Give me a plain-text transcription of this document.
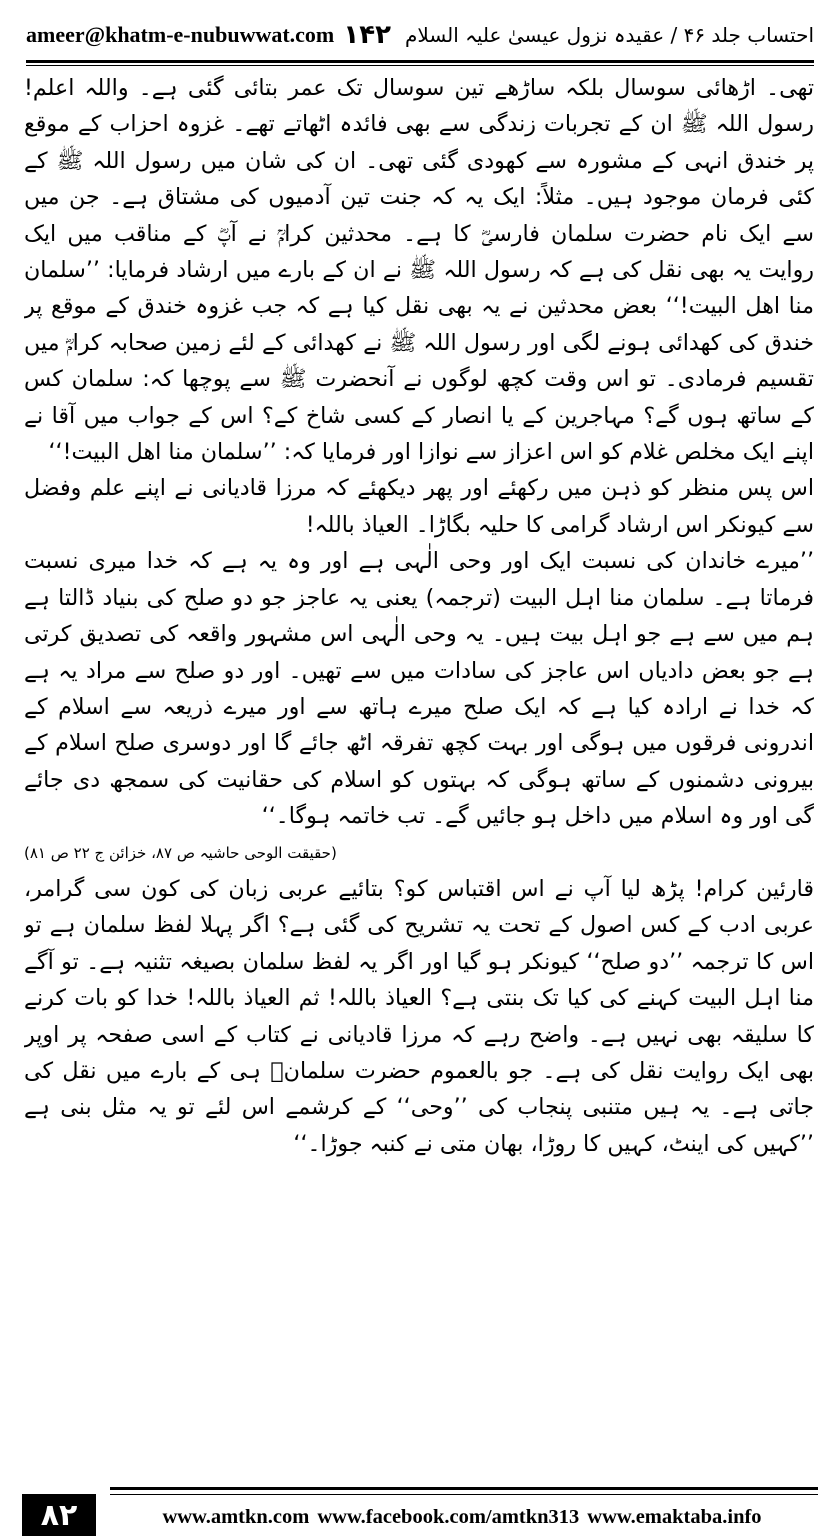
ameer@khatm-e-nubuwwat.com ۱۴۲ احتساب جلد ۴۶ / عقیدہ نزول عیسیٰ علیہ السلام

تھی۔ اڑھائی سوسال بلکہ ساڑھے تین سوسال تک عمر بتائی گئی ہے۔ واللہ اعلم! رسول اللہ ﷺ ان کے تجربات زندگی سے بھی فائدہ اٹھاتے تھے۔ غزوہ احزاب کے موقع پر خندق انہی کے مشورہ سے کھودی گئی تھی۔ ان کی شان میں رسول اللہ ﷺ کے کئی فرمان موجود ہیں۔ مثلاً: ایک یہ کہ جنت تین آدمیوں کی مشتاق ہے۔ جن میں سے ایک نام حضرت سلمان فارسیؓ کا ہے۔ محدثین کرامؒ نے آپؓ کے مناقب میں ایک روایت یہ بھی نقل کی ہے کہ رسول اللہ ﷺ نے ان کے بارے میں ارشاد فرمایا: ’’سلمان منا اهل البيت!‘‘ بعض محدثین نے یہ بھی نقل کیا ہے کہ جب غزوہ خندق کے موقع پر خندق کی کھدائی ہونے لگی اور رسول اللہ ﷺ نے کھدائی کے لئے زمین صحابہ کرامؓ میں تقسیم فرمادی۔ تو اس وقت کچھ لوگوں نے آنحضرت ﷺ سے پوچھا کہ: سلمان کس کے ساتھ ہوں گے؟ مہاجرین کے یا انصار کے کسی شاخ کے؟ اس کے جواب میں آقا نے اپنے ایک مخلص غلام کو اس اعزاز سے نوازا اور فرمایا کہ: ’’سلمان منا اهل البيت!‘‘

اس پس منظر کو ذہن میں رکھئے اور پھر دیکھئے کہ مرزا قادیانی نے اپنے علم وفضل سے کیونکر اس ارشاد گرامی کا حلیہ بگاڑا۔ العیاذ باللہ!

’’میرے خاندان کی نسبت ایک اور وحی الٰہی ہے اور وہ یہ ہے کہ خدا میری نسبت فرماتا ہے۔ سلمان منا اہل البیت (ترجمہ) یعنی یہ عاجز جو دو صلح کی بنیاد ڈالتا ہے ہم میں سے ہے جو اہل بیت ہیں۔ یہ وحی الٰہی اس مشہور واقعہ کی تصدیق کرتی ہے جو بعض دادیاں اس عاجز کی سادات میں سے تھیں۔ اور دو صلح سے مراد یہ ہے کہ خدا نے ارادہ کیا ہے کہ ایک صلح میرے ہاتھ سے اور میرے ذریعہ سے اسلام کے اندرونی فرقوں میں ہوگی اور بہت کچھ تفرقہ اٹھ جائے گا اور دوسری صلح اسلام کے بیرونی دشمنوں کے ساتھ ہوگی کہ بہتوں کو اسلام کی حقانیت کی سمجھ دی جائے گی اور وہ اسلام میں داخل ہو جائیں گے۔ تب خاتمہ ہوگا۔‘‘

(حقیقت الوحی حاشیہ ص ۸۷، خزائن ج ۲۲ ص ۸۱)

قارئین کرام! پڑھ لیا آپ نے اس اقتباس کو؟ بتائیے عربی زبان کی کون سی گرامر، عربی ادب کے کس اصول کے تحت یہ تشریح کی گئی ہے؟ اگر پہلا لفظ سلمان ہے تو اس کا ترجمہ ’’دو صلح‘‘ کیونکر ہو گیا اور اگر یہ لفظ سلمان بصیغہ تثنیہ ہے۔ تو آگے منا اہل البیت کہنے کی کیا تک بنتی ہے؟ العیاذ باللہ! ثم العیاذ باللہ! خدا کو بات کرنے کا سلیقہ بھی نہیں ہے۔ واضح رہے کہ مرزا قادیانی نے کتاب کے اسی صفحہ پر اوپر بھی ایک روایت نقل کی ہے۔ جو بالعموم حضرت سلمانؓ ہی کے بارے میں نقل کی جاتی ہے۔ یہ ہیں متنبی پنجاب کی ’’وحی‘‘ کے کرشمے اس لئے تو یہ مثل بنی ہے ’’کہیں کی اینٹ، کہیں کا روڑا، بھان متی نے کنبہ جوڑا۔‘‘

۸۲	www.amtkn.com www.facebook.com/amtkn313 www.emaktaba.info
